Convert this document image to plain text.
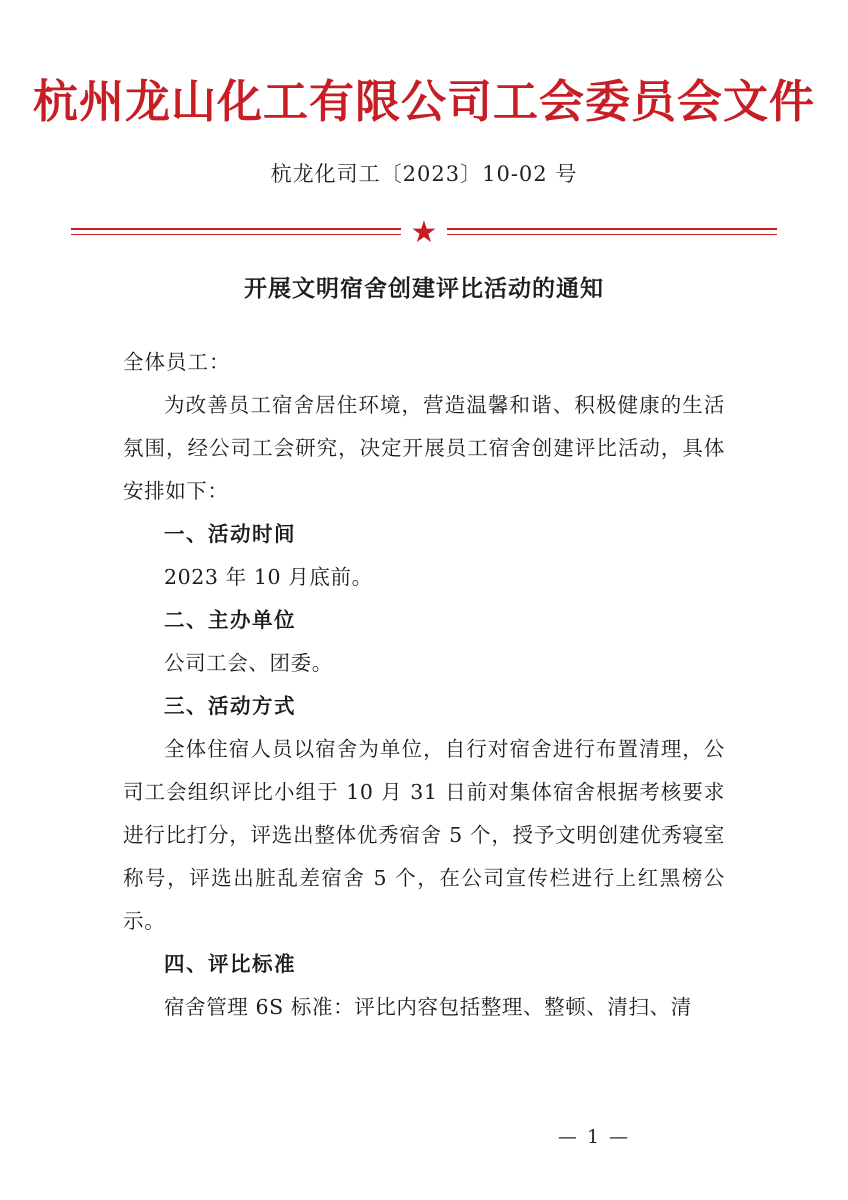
杭州龙山化工有限公司工会委员会文件
杭龙化司工〔2023〕10-02 号
★
开展文明宿舍创建评比活动的通知

全体员工：

为改善员工宿舍居住环境，营造温馨和谐、积极健康的生活氛围，经公司工会研究，决定开展员工宿舍创建评比活动，具体安排如下：

一、活动时间

2023 年 10 月底前。

二、主办单位

公司工会、团委。

三、活动方式

全体住宿人员以宿舍为单位，自行对宿舍进行布置清理，公司工会组织评比小组于 10 月 31 日前对集体宿舍根据考核要求进行比打分，评选出整体优秀宿舍 5 个，授予文明创建优秀寝室称号，评选出脏乱差宿舍 5 个，在公司宣传栏进行上红黑榜公示。

四、评比标准

宿舍管理 6S 标准：评比内容包括整理、整顿、清扫、清

— 1 —
